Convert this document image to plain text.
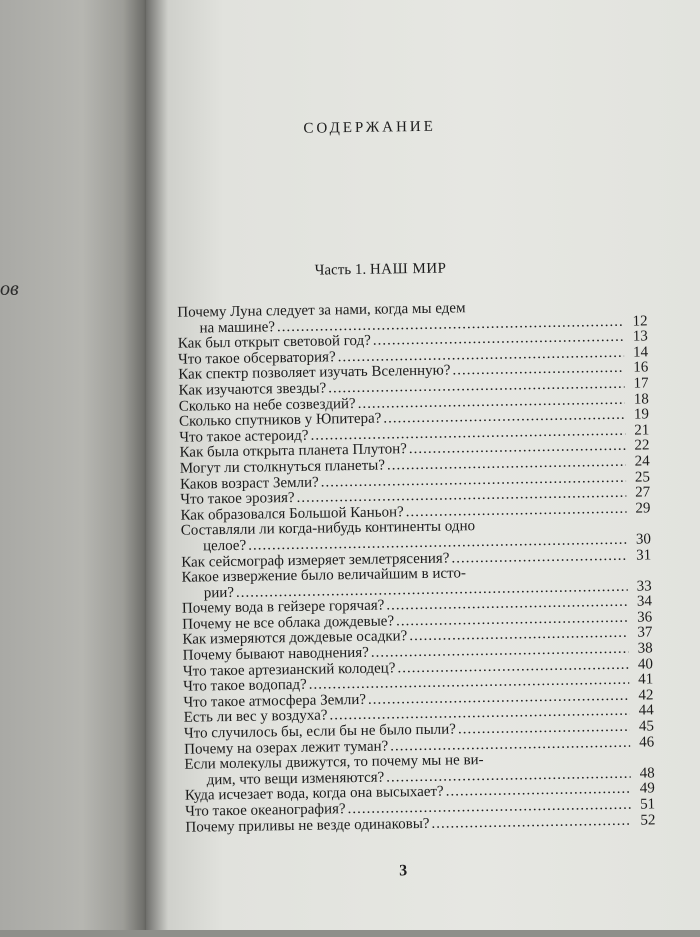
ов
СОДЕРЖАНИЕ
Часть 1. НАШ МИР
Почему Луна следует за нами, когда мы едем
на машине? .....	12
Как был открыт световой год? .....	13
Что такое обсерватория? .....	14
Как спектр позволяет изучать Вселенную? .....	16
Как изучаются звезды? .....	17
Сколько на небе созвездий? .....	18
Сколько спутников у Юпитера? .....	19
Что такое астероид? .....	21
Как была открыта планета Плутон? .....	22
Могут ли столкнуться планеты? .....	24
Каков возраст Земли? .....	25
Что такое эрозия? .....	27
Как образовался Большой Каньон? .....	29
Составляли ли когда-нибудь континенты одно
целое? .....	30
Как сейсмограф измеряет землетрясения? .....	31
Какое извержение было величайшим в исто-
рии? .....	33
Почему вода в гейзере горячая? .....	34
Почему не все облака дождевые? .....	36
Как измеряются дождевые осадки? .....	37
Почему бывают наводнения? .....	38
Что такое артезианский колодец? .....	40
Что такое водопад? .....	41
Что такое атмосфера Земли? .....	42
Есть ли вес у воздуха? .....	44
Что случилось бы, если бы не было пыли? .....	45
Почему на озерах лежит туман? .....	46
Если молекулы движутся, то почему мы не ви-
дим, что вещи изменяются? .....	48
Куда исчезает вода, когда она высыхает? .....	49
Что такое океанография? .....	51
Почему приливы не везде одинаковы? .....	52

3
